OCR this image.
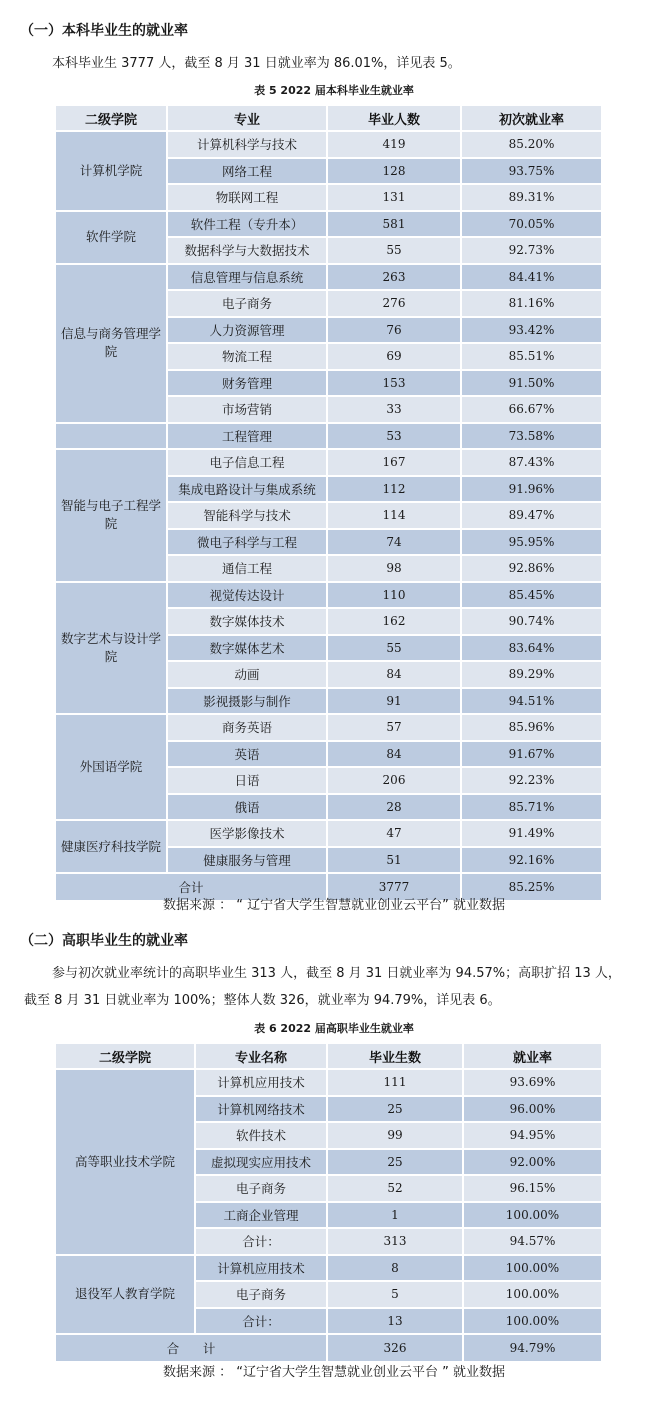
（一）本科毕业生的就业率
本科毕业生 3777 人，截至 8 月 31 日就业率为 86.01%，详见表 5。
表 5 2022 届本科毕业生就业率
二级学院	专业	毕业人数	初次就业率
计算机学院	计算机科学与技术	419	85.20%
	网络工程	128	93.75%
	物联网工程	131	89.31%
软件学院	软件工程（专升本）	581	70.05%
	数据科学与大数据技术	55	92.73%
信息与商务管理学院	信息管理与信息系统	263	84.41%
	电子商务	276	81.16%
	人力资源管理	76	93.42%
	物流工程	69	85.51%
	财务管理	153	91.50%
	市场营销	33	66.67%
	工程管理	53	73.58%
智能与电子工程学院	电子信息工程	167	87.43%
	集成电路设计与集成系统	112	91.96%
	智能科学与技术	114	89.47%
	微电子科学与工程	74	95.95%
	通信工程	98	92.86%
数字艺术与设计学院	视觉传达设计	110	85.45%
	数字媒体技术	162	90.74%
	数字媒体艺术	55	83.64%
	动画	84	89.29%
	影视摄影与制作	91	94.51%
外国语学院	商务英语	57	85.96%
	英语	84	91.67%
	日语	206	92.23%
	俄语	28	85.71%
健康医疗科技学院	医学影像技术	47	91.49%
	健康服务与管理	51	92.16%
合计		3777	85.25%
数据来源 ： “ 辽宁省大学生智慧就业创业云平台” 就业数据
（二）高职毕业生的就业率
参与初次就业率统计的高职毕业生 313 人，截至 8 月 31 日就业率为 94.57%；高职扩招 13 人，
截至 8 月 31 日就业率为 100%；整体人数 326，就业率为 94.79%，详见表 6。
表 6 2022 届高职毕业生就业率
二级学院	专业名称	毕业生数	就业率
高等职业技术学院	计算机应用技术	111	93.69%
	计算机网络技术	25	96.00%
	软件技术	99	94.95%
	虚拟现实应用技术	25	92.00%
	电子商务	52	96.15%
	工商企业管理	1	100.00%
	合计：	313	94.57%
退役军人教育学院	计算机应用技术	8	100.00%
	电子商务	5	100.00%
	合计：	13	100.00%
合      计		326	94.79%
数据来源 ： “辽宁省大学生智慧就业创业云平台 ” 就业数据
